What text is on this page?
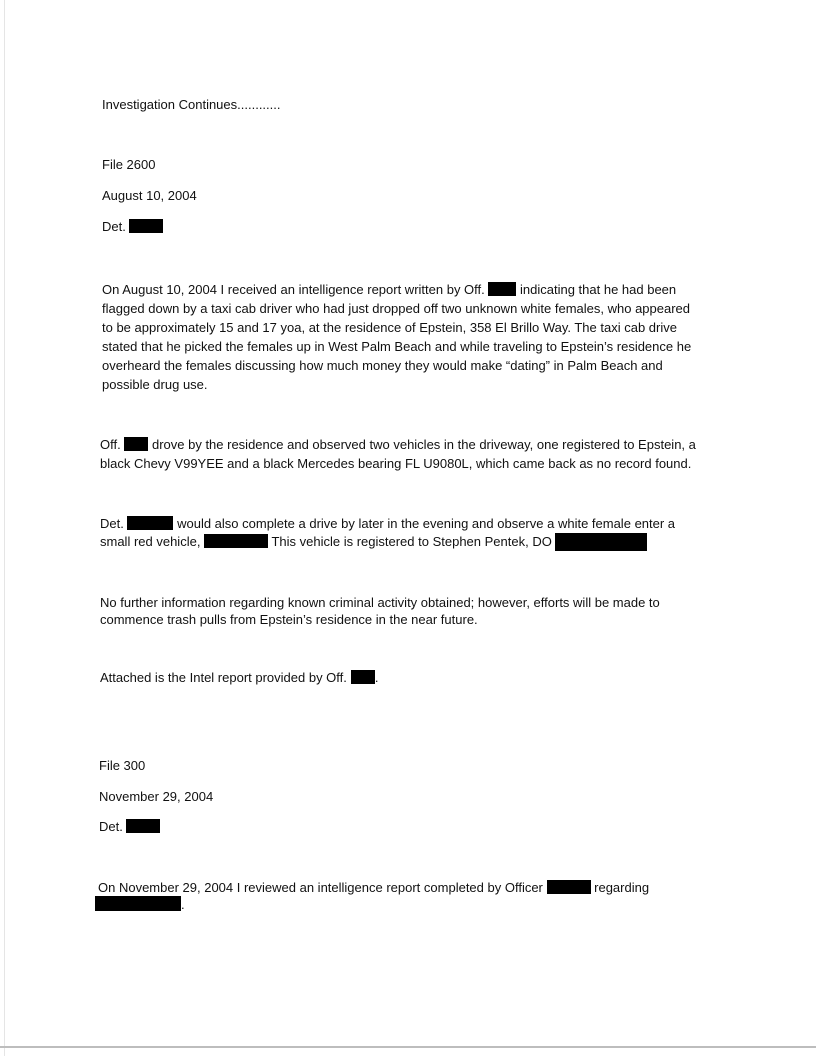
Investigation Continues............
File 2600
August 10, 2004
Det.
On August 10, 2004 I received an intelligence report written by Off.	indicating that he had been
flagged down by a taxi cab driver who had just dropped off two unknown white females, who appeared
to be approximately 15 and 17 yoa, at the residence of Epstein, 358 El Brillo Way. The taxi cab drive
stated that he picked the females up in West Palm Beach and while traveling to Epstein’s residence he
overheard the females discussing how much money they would make “dating” in Palm Beach and
possible drug use.
Off. drove by the residence and observed two vehicles in the driveway, one registered to Epstein, a
black Chevy V99YEE and a black Mercedes bearing FL U9080L, which came back as no record found.
Det.	would also complete a drive by later in the evening and observe a white female enter a
small red vehicle,	This vehicle is registered to Stephen Pentek, DO
No further information regarding known criminal activity obtained; however, efforts will be made to
commence trash pulls from Epstein’s residence in the near future.
Attached is the Intel report provided by Off. .
File 300
November 29, 2004
Det.
On November 29, 2004 I reviewed an intelligence report completed by Officer	regarding
.
